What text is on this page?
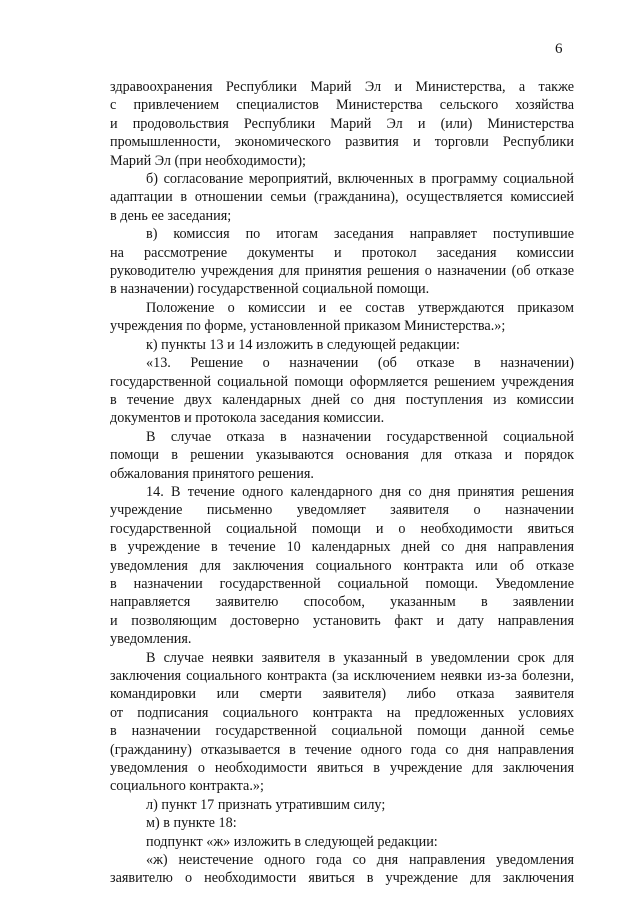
6
здравоохранения Республики Марий Эл и Министерства, а также
с привлечением специалистов Министерства сельского хозяйства
и продовольствия Республики Марий Эл и (или) Министерства
промышленности, экономического развития и торговли Республики
Марий Эл (при необходимости);
б) согласование мероприятий, включенных в программу социальной
адаптации в отношении семьи (гражданина), осуществляется комиссией
в день ее заседания;
в) комиссия по итогам заседания направляет поступившие
на рассмотрение документы и протокол заседания комиссии
руководителю учреждения для принятия решения о назначении (об отказе
в назначении) государственной социальной помощи.
Положение о комиссии и ее состав утверждаются приказом
учреждения по форме, установленной приказом Министерства.»;
к) пункты 13 и 14 изложить в следующей редакции:
«13. Решение о назначении (об отказе в назначении)
государственной социальной помощи оформляется решением учреждения
в течение двух календарных дней со дня поступления из комиссии
документов и протокола заседания комиссии.
В случае отказа в назначении государственной социальной
помощи в решении указываются основания для отказа и порядок
обжалования принятого решения.
14. В течение одного календарного дня со дня принятия решения
учреждение письменно уведомляет заявителя о назначении
государственной социальной помощи и о необходимости явиться
в учреждение в течение 10 календарных дней со дня направления
уведомления для заключения социального контракта или об отказе
в назначении государственной социальной помощи. Уведомление
направляется заявителю способом, указанным в заявлении
и позволяющим достоверно установить факт и дату направления
уведомления.
В случае неявки заявителя в указанный в уведомлении срок для
заключения социального контракта (за исключением неявки из-за болезни,
командировки или смерти заявителя) либо отказа заявителя
от подписания социального контракта на предложенных условиях
в назначении государственной социальной помощи данной семье
(гражданину) отказывается в течение одного года со дня направления
уведомления о необходимости явиться в учреждение для заключения
социального контракта.»;
л) пункт 17 признать утратившим силу;
м) в пункте 18:
подпункт «ж» изложить в следующей редакции:
«ж) неистечение одного года со дня направления уведомления
заявителю о необходимости явиться в учреждение для заключения
